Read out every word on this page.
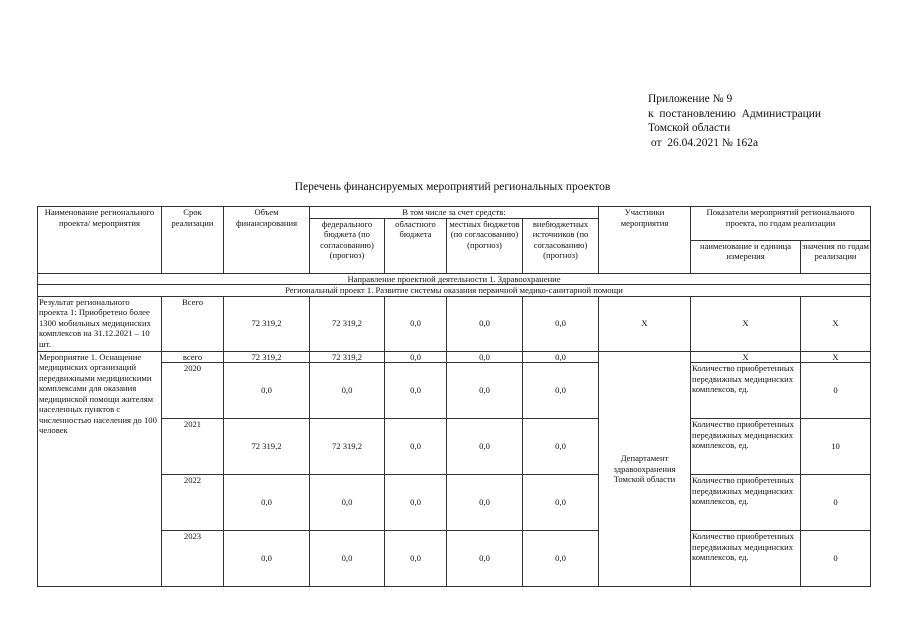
Приложение № 9
к  постановлению  Администрации
Томской области
от  26.04.2021 № 162а
Перечень финансируемых мероприятий региональных проектов
Наименование регионального проекта/ мероприятия	Срок реализации	Объем финансирования	В том числе за счет средств:				Участники мероприятия	Показатели мероприятий регионального проекта, по годам реализации	
			федерального бюджета (по согласованию) (прогноз)	областного бюджета	местных бюджетов (по согласованию) (прогноз)	внебюджетных источников (по согласованию) (прогноз)			
								наименование и единица измерения	значения по годам реализации
Направление проектной деятельности 1. Здравоохранение									
Региональный проект 1. Развитие системы оказания первичной медико-санитарной помощи									
Результат регионального проекта 1: Приобретено более 1300 мобильных медицинских комплексов на 31.12.2021 – 10 шт.	Всего	72 319,2	72 319,2	0,0	0,0	0,0	Х	Х	Х
Мероприятие 1. Оснащение медицинских организаций передвижными медицинскими комплексами для оказания медицинской помощи жителям населенных пунктов с численностью населения до 100 человек	всего	72 319,2	72 319,2	0,0	0,0	0,0	Департамент здравоохранения Томской области	Х	Х
	2020	0,0	0,0	0,0	0,0	0,0		Количество приобретенных передвижных медицинских комплексов, ед.	0
	2021	72 319,2	72 319,2	0,0	0,0	0,0		Количество приобретенных передвижных медицинских комплексов, ед.	10
	2022	0,0	0,0	0,0	0,0	0,0		Количество приобретенных передвижных медицинских комплексов, ед.	0
	2023	0,0	0,0	0,0	0,0	0,0		Количество приобретенных передвижных медицинских комплексов, ед.	0
